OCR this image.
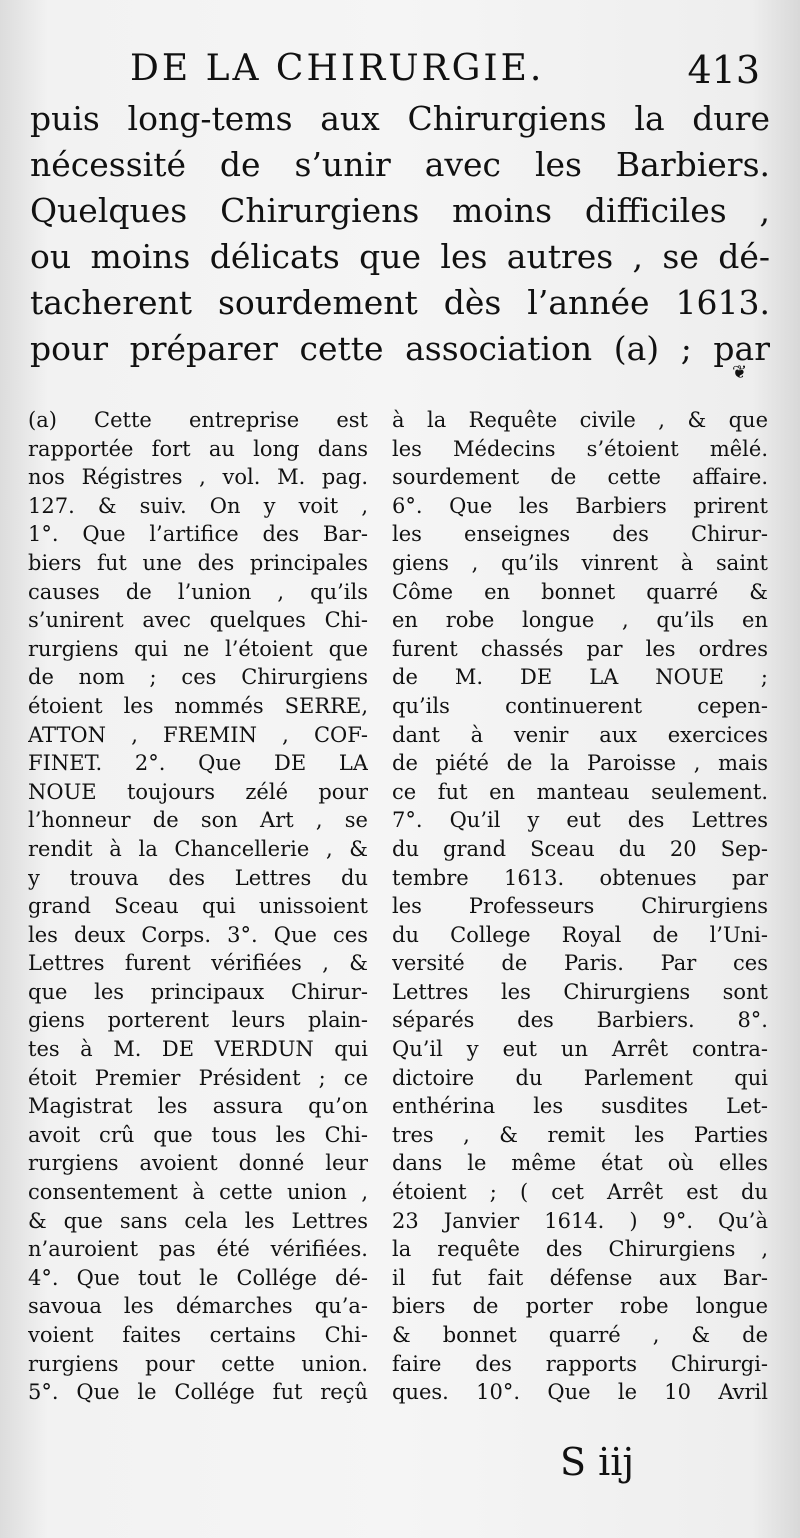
DE LA CHIRURGIE.	413
puis long-tems aux Chirurgiens la dure
nécessité de s’unir avec les Barbiers.
Quelques Chirurgiens moins difficiles ,
ou moins délicats que les autres , se dé-
tacherent sourdement dès l’année 1613.
pour préparer cette association (a) ; par
❦
(a) Cette entreprise est
rapportée fort au long dans
nos Régistres , vol. M. pag.
127. & suiv. On y voit ,
1°. Que l’artifice des Bar-
biers fut une des principales
causes de l’union , qu’ils
s’unirent avec quelques Chi-
rurgiens qui ne l’étoient que
de nom ; ces Chirurgiens
étoient les nommés SERRE,
ATTON , FREMIN , COF-
FINET. 2°. Que DE LA
NOUE toujours zélé pour
l’honneur de son Art , se
rendit à la Chancellerie , &
y trouva des Lettres du
grand Sceau qui unissoient
les deux Corps. 3°. Que ces
Lettres furent vérifiées , &
que les principaux Chirur-
giens porterent leurs plain-
tes à M. DE VERDUN qui
étoit Premier Président ; ce
Magistrat les assura qu’on
avoit crû que tous les Chi-
rurgiens avoient donné leur
consentement à cette union ,
& que sans cela les Lettres
n’auroient pas été vérifiées.
4°. Que tout le Collége dé-
savoua les démarches qu’a-
voient faites certains Chi-
rurgiens pour cette union.
5°. Que le Collége fut reçû
à la Requête civile , & que
les Médecins s’étoient mêlé.
sourdement de cette affaire.
6°. Que les Barbiers prirent
les enseignes des Chirur-
giens , qu’ils vinrent à saint
Côme en bonnet quarré &
en robe longue , qu’ils en
furent chassés par les ordres
de M. DE LA NOUE ;
qu’ils continuerent cepen-
dant à venir aux exercices
de piété de la Paroisse , mais
ce fut en manteau seulement.
7°. Qu’il y eut des Lettres
du grand Sceau du 20 Sep-
tembre 1613. obtenues par
les Professeurs Chirurgiens
du College Royal de l’Uni-
versité de Paris. Par ces
Lettres les Chirurgiens sont
séparés des Barbiers. 8°.
Qu’il y eut un Arrêt contra-
dictoire du Parlement qui
enthérina les susdites Let-
tres , & remit les Parties
dans le même état où elles
étoient ; ( cet Arrêt est du
23 Janvier 1614. ) 9°. Qu’à
la requête des Chirurgiens ,
il fut fait défense aux Bar-
biers de porter robe longue
& bonnet quarré , & de
faire des rapports Chirurgi-
ques. 10°. Que le 10 Avril
S iij
